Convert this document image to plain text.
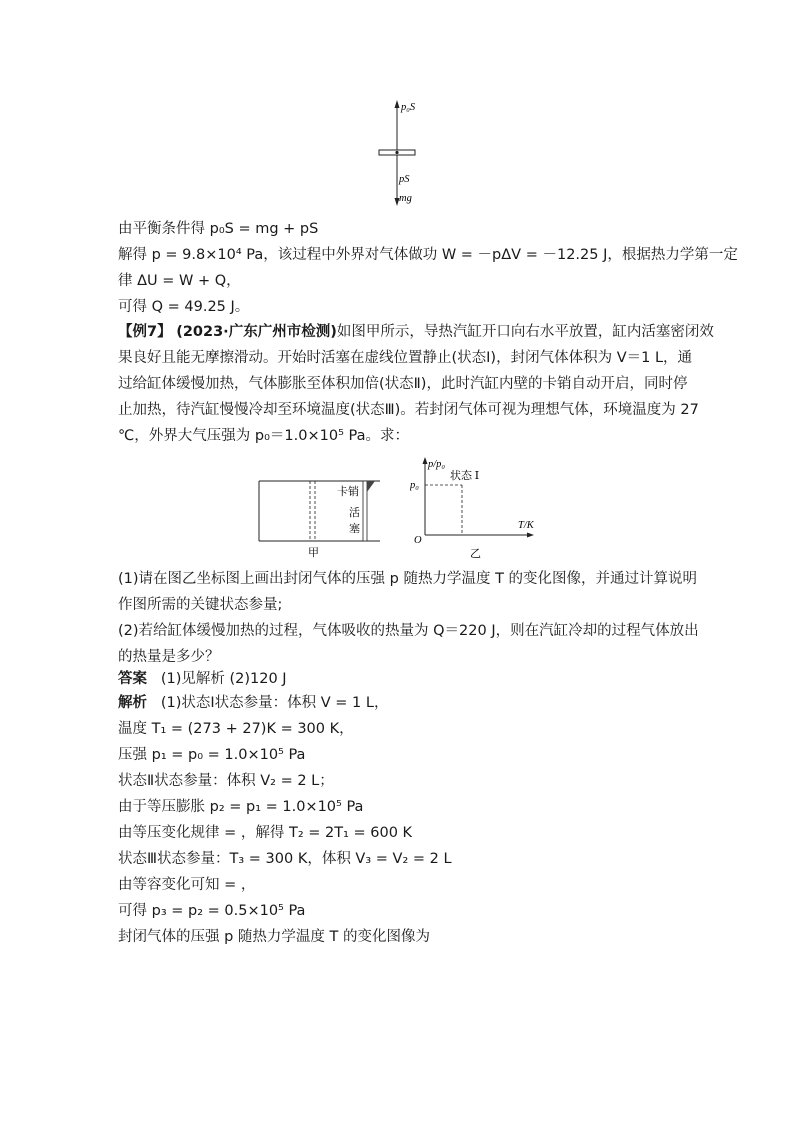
p₀S
pS
mg
由平衡条件得 p₀S = mg + pS
解得 p = 9.8×10⁴ Pa，该过程中外界对气体做功 W = －pΔV = －12.25 J，根据热力学第一定
律 ΔU = W + Q，
可得 Q = 49.25 J。
【例7】 (2023·广东广州市检测)如图甲所示，导热汽缸开口向右水平放置，缸内活塞密闭效
果良好且能无摩擦滑动。开始时活塞在虚线位置静止(状态Ⅰ)，封闭气体体积为 V＝1 L，通
过给缸体缓慢加热，气体膨胀至体积加倍(状态Ⅱ)，此时汽缸内壁的卡销自动开启，同时停
止加热，待汽缸慢慢冷却至环境温度(状态Ⅲ)。若封闭气体可视为理想气体，环境温度为 27
℃，外界大气压强为 p₀＝1.0×10⁵ Pa。求：
卡销
活
塞
甲
p/p₀
T/K
O
p₀
状态 Ⅰ
乙
(1)请在图乙坐标图上画出封闭气体的压强 p 随热力学温度 T 的变化图像，并通过计算说明
作图所需的关键状态参量;
(2)若给缸体缓慢加热的过程，气体吸收的热量为 Q＝220 J，则在汽缸冷却的过程气体放出
的热量是多少？
答案 (1)见解析 (2)120 J
解析 (1)状态Ⅰ状态参量：体积 V = 1 L，
温度 T₁ = (273 + 27)K = 300 K，
压强 p₁ = p₀ = 1.0×10⁵ Pa
状态Ⅱ状态参量：体积 V₂ = 2 L；
由于等压膨胀 p₂ = p₁ = 1.0×10⁵ Pa
由等压变化规律 = ，解得 T₂ = 2T₁ = 600 K
状态Ⅲ状态参量：T₃ = 300 K，体积 V₃ = V₂ = 2 L
由等容变化可知 = ，
可得 p₃ = p₂ = 0.5×10⁵ Pa
封闭气体的压强 p 随热力学温度 T 的变化图像为
